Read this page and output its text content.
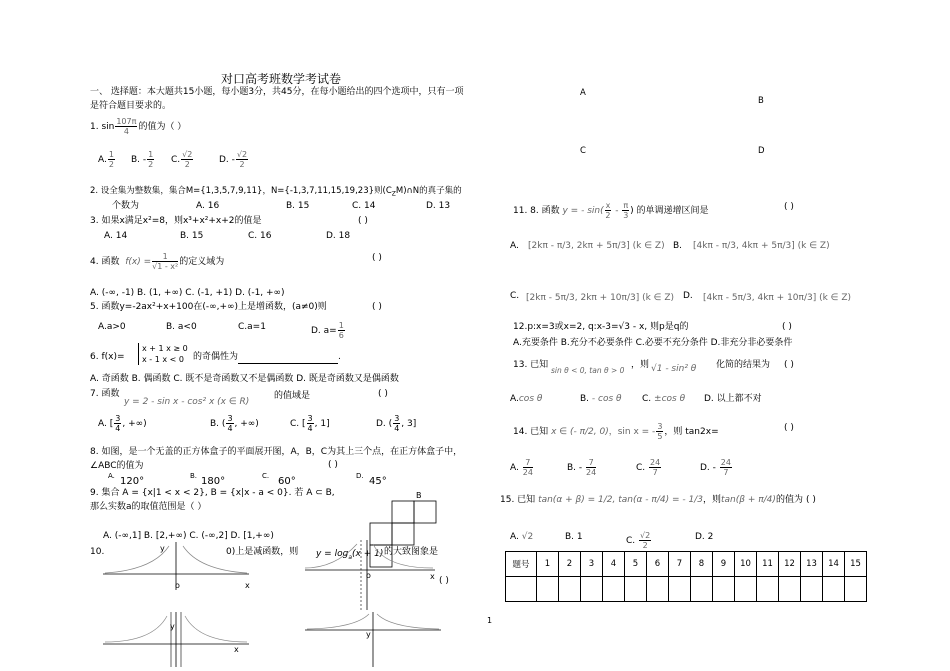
对口高考班数学考试卷
一、 选择题：本大题共15小题，每小题3分，共45分，在每小题给出的四个选项中，只有一项
是符合题目要求的。
1. $\sin \frac{107\pi}{4}$ 的值为（ ）
A. $\frac{1}{2} B$. - $\frac{1}{2} C$. $\frac{√2}{2}$	D. - $\frac{√2}{2}$
2. 设全集为整数集，集合M={1,3,5,7,9,11}，N={-1,3,7,11,15,19,23}则$(C_ZM)\cap N$的真子集的
个数为	A. 16	B. 15	C. 14	D. 13
3. 如果x满足x²=8，则x³+x²+x+2的值是	( )
A. 14	B. 15	C. 16	D. 18
4. 函数 $f(x) = \frac{1}{\text{√1 - x²}}$ 的定义域为	( )
A. (-∞, -1) B. (1, +∞) C. (-1, +1) D. (-1, +∞)
5. 函数y=-2ax²+x+100在(-∞,+∞)上是增函数，(a≠0)则	( )
A.a>0	B. a<0	C.a=1	D. $a= \frac{1}{6}$
6. f(x)=
x + 1 x ≥ 0
x - 1 x < 0	的奇偶性为	.
A. 奇函数 B. 偶函数 C. 既不是奇函数又不是偶函数 D. 既是奇函数又是偶函数
7. 函数
y = 2 - sin x - cos² x (x ∈ R)
的值域是	( )
A. [ $\frac{3}{4}$ , +∞)	B. ( $\frac{3}{4}$ , +∞)	C. [ $\frac{3}{4}$ , 1]	D. ( $\frac{3}{4}$ , 3]
8. 如图，是一个无盖的正方体盒子的平面展开图，A，B，C为其上三个点，在正方体盒子中，
∠ABC的值为	( )
A. 120°	B. 180°	C. 60°	D. 45°
B
9. 集合 A = {x|1 < x < 2}, B = {x|x - a < 0}. 若 A ⊂ B,
那么实数a的取值范围是（ ）
A. (-∞,1] B. [2,+∞) C. (-∞,2] D. [1,+∞)
10.	0)上是减函数，则 $y = \log_a(x + 1)$ 的大致图象是
( )
o	x
y
o	x
y
x
y
A
B
C	D
11. 8. 函数 y = - $\sin( \frac{x}{2} - \frac{\pi}{3}$ ) 的单调递增区间是	( )
A. [2kπ - π/3, 2kπ + 5π/3] (k ∈ Z) B. [4kπ - π/3, 4kπ + 5π/3] (k ∈ Z)
C. [2kπ - 5π/3, 2kπ + 10π/3] (k ∈ Z) D. [4kπ - 5π/3, 4kπ + 10π/3] (k ∈ Z)
12.p:x=3或x=2, q:x-3=√3 - x, 则p是q的	( )
A.充要条件 B.充分不必要条件 C.必要不充分条件 D.非充分非必要条件
13. 已知
sin θ < 0, tan θ > 0
，则 √1 - sin² θ 化简的结果为 ( )
A.cos θ	B. - cos θ C. ±cos θ D. 以上都不对
14. 已知 x ∈ (- π/2, 0)，sin x = - $\frac{3}{5}$ ，则 tan2x=	( )
A. $\frac{7}{24}$	B. - $\frac{7}{24}$	C. $\frac{24}{7}$	D. - $\frac{24}{7}$
15. 已知 tan(α + β) = 1/2, tan(α - π/4) = - 1/3，则tan(β + π/4)的值为 ( )
A. √2	B. 1	C. $\frac{√2}{2}$	D. 2
题号	1	2	3	4	5	6	7	8	9	10	11	12	13	14	15

1
